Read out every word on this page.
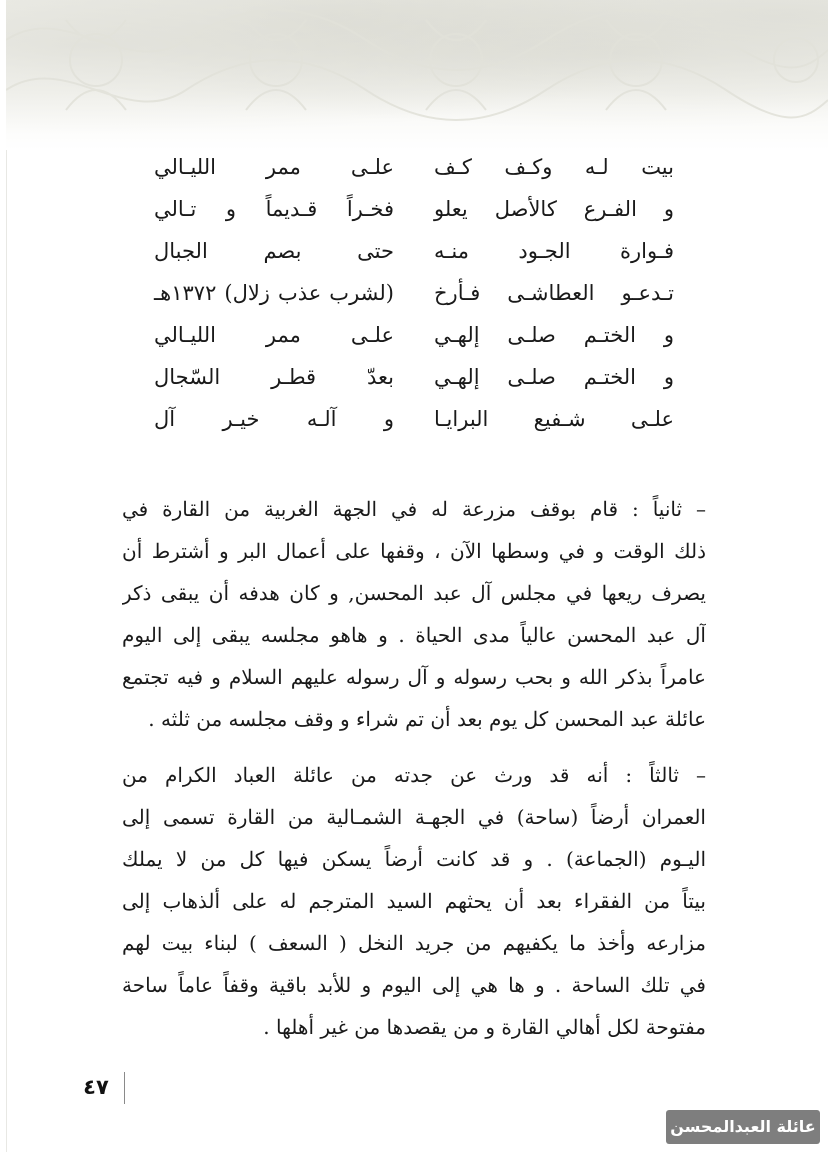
بيت لـه وكـف كـف
علـى ممر الليـالي
و الفـرع كالأصل يعلو
فخـراً قـديماً و تـالي
فـوارة الجـود منـه
حتى بصم الجبال
تـدعـو العطاشـى فـأرخ
(لشرب عذب زلال) ١٣٧٢هـ
و الختـم صلـى إلهـي
علـى ممر الليـالي
و الختـم صلـى إلهـي
بعدّ قطـر السّجال
علـى شـفيع البرايـا
و آلـه خيـر آل
– ثانياً : قام بوقف مزرعة له في الجهة الغربية من القارة في
ذلك الوقت و في وسطها الآن ، وقفها على أعمال البر و أشترط أن
يصرف ريعها في مجلس آل عبد المحسن, و كان هدفه أن يبقى ذكر
آل عبد المحسن عالياً مدى الحياة . و هاهو مجلسه يبقى إلى اليوم
عامراً بذكر الله و بحب رسوله و آل رسوله عليهم السلام و فيه تجتمع
عائلة عبد المحسن كل يوم بعد أن تم شراء و وقف مجلسه من ثلثه .
– ثالثاً : أنه قد ورث عن جدته من عائلة العباد الكرام من
العمران أرضاً (ساحة) في الجهـة الشمـالية من القارة تسمى إلى
اليـوم (الجماعة) . و قد كانت أرضاً يسكن فيها كل من لا يملك
بيتاً من الفقراء بعد أن يحثهم السيد المترجم له على ألذهاب إلى
مزارعه وأخذ ما يكفيهم من جريد النخل ( السعف ) لبناء بيت لهم
في تلك الساحة . و ها هي إلى اليوم و للأبد باقية وقفاً عاماً ساحة
مفتوحة لكل أهالي القارة و من يقصدها من غير أهلها .
٤٧
عائلة العبدالمحسن
